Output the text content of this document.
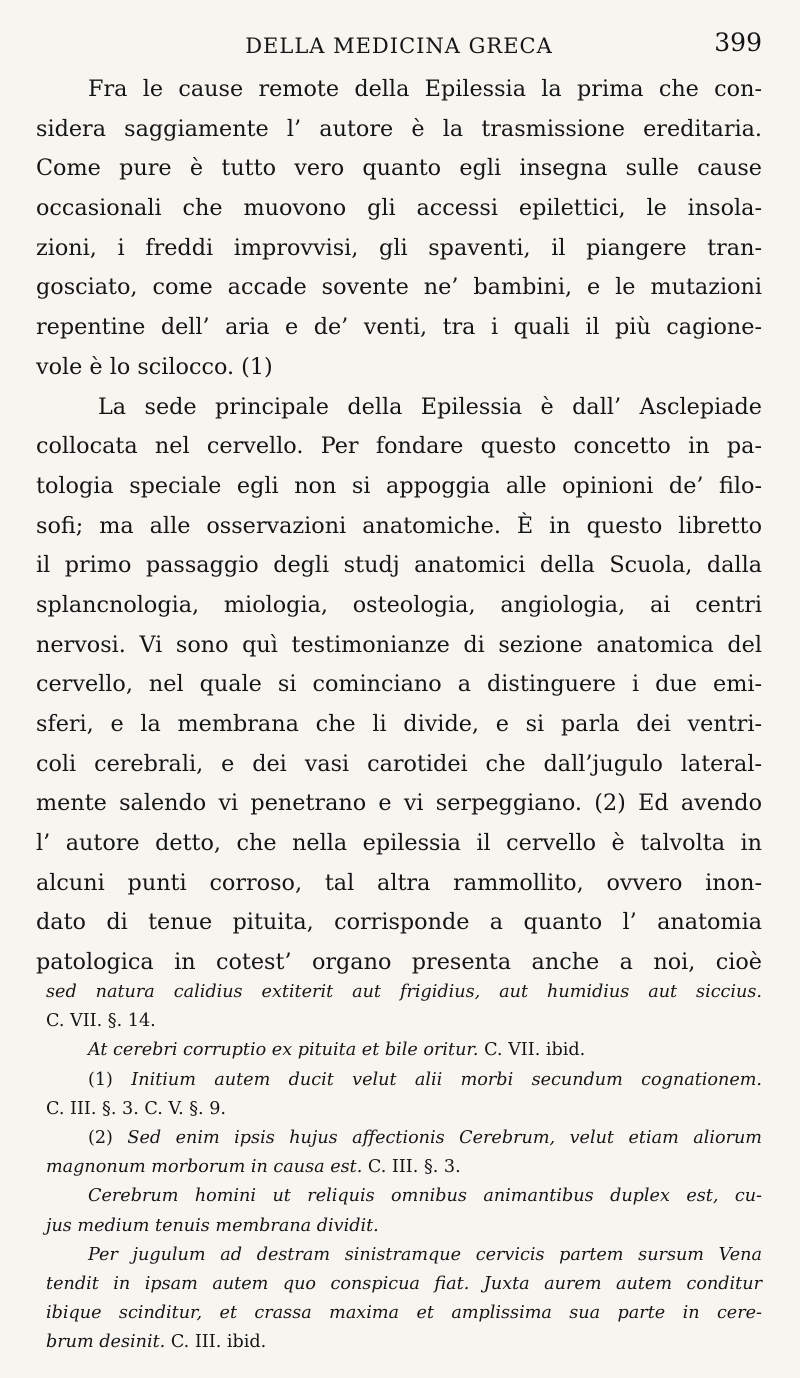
DELLA MEDICINA GRECA	399
Fra le cause remote della Epilessia la prima che con-
sidera saggiamente l’ autore è la trasmissione ereditaria.
Come pure è tutto vero quanto egli insegna sulle cause
occasionali che muovono gli accessi epilettici, le insola-
zioni, i freddi improvvisi, gli spaventi, il piangere tran-
gosciato, come accade sovente ne’ bambini, e le mutazioni
repentine dell’ aria e de’ venti, tra i quali il più cagione-
vole è lo scilocco. (1)
La sede principale della Epilessia è dall’ Asclepiade
collocata nel cervello. Per fondare questo concetto in pa-
tologia speciale egli non si appoggia alle opinioni de’ filo-
sofi; ma alle osservazioni anatomiche. È in questo libretto
il primo passaggio degli studj anatomici della Scuola, dalla
splancnologia, miologia, osteologia, angiologia, ai centri
nervosi. Vi sono quì testimonianze di sezione anatomica del
cervello, nel quale si cominciano a distinguere i due emi-
sferi, e la membrana che li divide, e si parla dei ventri-
coli cerebrali, e dei vasi carotidei che dall’jugulo lateral-
mente salendo vi penetrano e vi serpeggiano. (2) Ed avendo
l’ autore detto, che nella epilessia il cervello è talvolta in
alcuni punti corroso, tal altra rammollito, ovvero inon-
dato di tenue pituita, corrisponde a quanto l’ anatomia
patologica in cotest’ organo presenta anche a noi, cioè
sed natura calidius extiterit aut frigidius, aut humidius aut siccius.
C. VII. §. 14.
At cerebri corruptio ex pituita et bile oritur. C. VII. ibid.
(1) Initium autem ducit velut alii morbi secundum cognationem.
C. III. §. 3. C. V. §. 9.
(2) Sed enim ipsis hujus affectionis Cerebrum, velut etiam aliorum
magnonum morborum in causa est. C. III. §. 3.
Cerebrum homini ut reliquis omnibus animantibus duplex est, cu-
jus medium tenuis membrana dividit.
Per jugulum ad destram sinistramque cervicis partem sursum Vena
tendit in ipsam autem quo conspicua fiat. Juxta aurem autem conditur
ibique scinditur, et crassa maxima et amplissima sua parte in cere-
brum desinit. C. III. ibid.
